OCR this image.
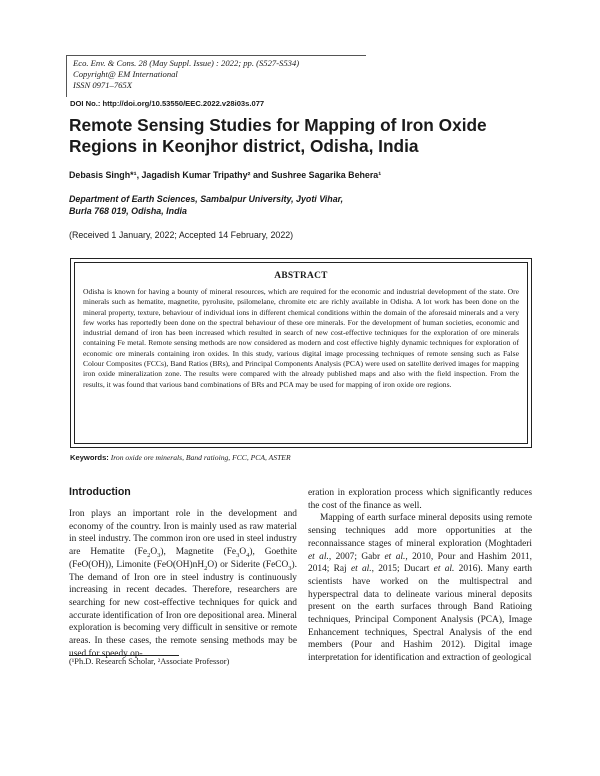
Eco. Env. & Cons. 28 (May Suppl. Issue) : 2022; pp. (S527-S534)
Copyright@ EM International
ISSN 0971–765X
DOI No.: http://doi.org/10.53550/EEC.2022.v28i03s.077
Remote Sensing Studies for Mapping of Iron Oxide Regions in Keonjhor district, Odisha, India
Debasis Singh*¹, Jagadish Kumar Tripathy² and Sushree Sagarika Behera¹
Department of Earth Sciences, Sambalpur University, Jyoti Vihar,
Burla 768 019, Odisha, India
(Received 1 January, 2022; Accepted 14 February, 2022)
ABSTRACT
Odisha is known for having a bounty of mineral resources, which are required for the economic and industrial development of the state. Ore minerals such as hematite, magnetite, pyrolusite, psilomelane, chromite etc are richly available in Odisha. A lot work has been done on the mineral property, texture, behaviour of individual ions in different chemical conditions within the domain of the aforesaid minerals and a very few works has reportedly been done on the spectral behaviour of these ore minerals. For the development of human societies, economic and industrial demand of iron has been increased which resulted in search of new cost-effective techniques for the exploration of ore minerals containing Fe metal. Remote sensing methods are now considered as modern and cost effective highly dynamic techniques for exploration of economic ore minerals containing iron oxides. In this study, various digital image processing techniques of remote sensing such as False Colour Composites (FCCs), Band Ratios (BRs), and Principal Components Analysis (PCA) were used on satellite derived images for mapping iron oxide mineralization zone. The results were compared with the already published maps and also with the field inspection. From the results, it was found that various band combinations of BRs and PCA may be used for mapping of iron oxide ore regions.
Keywords: Iron oxide ore minerals, Band ratioing, FCC, PCA, ASTER
Introduction

Iron plays an important role in the development and economy of the country. Iron is mainly used as raw material in steel industry. The common iron ore used in steel industry are Hematite $(Fe_2O_3)$, Magnetite $(Fe_3O_4)$, Goethite (FeO(OH)), Limonite $(FeO(OH)nH_2O)$ or Siderite (FeCO$_3$). The demand of Iron ore in steel industry is continuously increasing in recent decades. Therefore, researchers are searching for new cost-effective techniques for quick and accurate identification of Iron ore depositional area. Mineral exploration is becoming very difficult in sensitive or remote areas. In these cases, the remote sensing methods may be used for speedy op-

eration in exploration process which significantly reduces the cost of the finance as well.

Mapping of earth surface mineral deposits using remote sensing techniques add more opportunities at the reconnaissance stages of mineral exploration (Moghtaderi et al., 2007; Gabr et al., 2010, Pour and Hashim 2011, 2014; Raj et al., 2015; Ducart et al. 2016). Many earth scientists have worked on the multispectral and hyperspectral data to delineate various mineral deposits present on the earth surfaces through Band Ratioing techniques, Principal Component Analysis (PCA), Image Enhancement techniques, Spectral Analysis of the end members (Pour and Hashim 2012). Digital image interpretation for identification and extraction of geological

(¹Ph.D. Research Scholar, ²Associate Professor)
